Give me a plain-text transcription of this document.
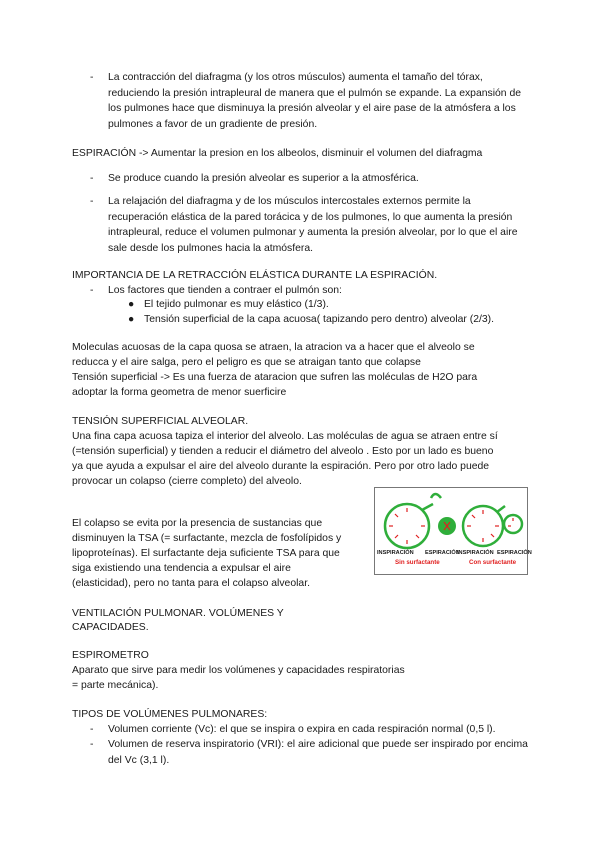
- La contracción del diafragma (y los otros músculos) aumenta el tamaño del tórax, reduciendo la presión intrapleural de manera que el pulmón se expande. La expansión de los pulmones hace que disminuya la presión alveolar y el aire pase de la atmósfera a los pulmones a favor de un gradiente de presión.
ESPIRACIÓN -> Aumentar la presion en los albeolos, disminuir el volumen del diafragma
- Se produce cuando la presión alveolar es superior a la atmosférica.
- La relajación del diafragma y de los músculos intercostales externos permite la recuperación elástica de la pared torácica y de los pulmones, lo que aumenta la presión intrapleural, reduce el volumen pulmonar y aumenta la presión alveolar, por lo que el aire sale desde los pulmones hacia la atmósfera.
IMPORTANCIA DE LA RETRACCIÓN ELÁSTICA DURANTE LA ESPIRACIÓN.
- Los factores que tienden a contraer el pulmón son:
● El tejido pulmonar es muy elástico (1/3).
● Tensión superficial de la capa acuosa( tapizando pero dentro) alveolar (2/3).
Moleculas acuosas de la capa quosa se atraen, la atracion va a hacer que el alveolo se
reducca y el aire salga, pero el peligro es que se atraigan tanto que colapse
Tensión superficial -> Es una fuerza de ataracion que sufren las moléculas de H2O para
adoptar la forma geometra de menor suerficire
TENSIÓN SUPERFICIAL ALVEOLAR.
Una fina capa acuosa tapiza el interior del alveolo. Las moléculas de agua se atraen entre sí
(=tensión superficial) y tienden a reducir el diámetro del alveolo . Esto por un lado es bueno
ya que ayuda a expulsar el aire del alveolo durante la espiración. Pero por otro lado puede
provocar un colapso (cierre completo) del alveolo.
El colapso se evita por la presencia de sustancias que
disminuyen la TSA (= surfactante, mezcla de fosfolípidos y
lipoproteínas). El surfactante deja suficiente TSA para que
siga existiendo una tendencia a expulsar el aire
(elasticidad), pero no tanta para el colapso alveolar.
INSPIRACIÓN ESPIRACIÓN
Sin surfactante
INSPIRACIÓN ESPIRACIÓN
Con surfactante
VENTILACIÓN PULMONAR. VOLÚMENES Y
CAPACIDADES.
ESPIROMETRO
Aparato que sirve para medir los volúmenes y capacidades respiratorias
= parte mecánica).
TIPOS DE VOLÚMENES PULMONARES:
- Volumen corriente (Vc): el que se inspira o expira en cada respiración normal (0,5 l).
- Volumen de reserva inspiratorio (VRI): el aire adicional que puede ser inspirado por encima del Vc (3,1 l).
